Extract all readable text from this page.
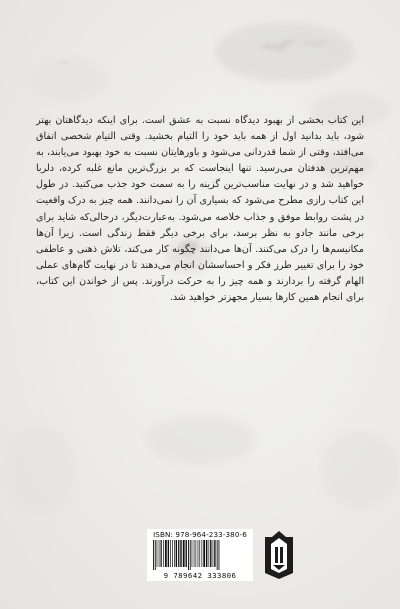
این کتاب بخشی از بهبود دیدگاه نسبت به عشق است. برای اینکه دیدگاهتان بهتر شود، باید بدانید اول از همه باید خود را التیام بخشید. وقتی التیام شخصی اتفاق می‌افتد، وقتی از شما قدردانی می‌شود و باورهایتان نسبت به خود بهبود می‌یابند، به مهم‌ترین هدفتان می‌رسید. تنها اینجاست که بر بزرگ‌ترین مانع غلبه کرده، دلربا خواهید شد و در نهایت مناسب‌ترین گزینه را به سمت خود جذب می‌کنید. در طول این کتاب رازی مطرح می‌شود که بسیاری آن را نمی‌دانند. همه چیز به درک واقعیت در پشت روابط موفق و جذاب خلاصه می‌شود. به‌عبارت‌دیگر، درحالی‌که شاید برای برخی مانند جادو به نظر برسد، برای برخی دیگر فقط زندگی است. زیرا آن‌ها مکانیسم‌ها را درک می‌کنند. آن‌ها می‌دانند چگونه کار می‌کند، تلاش ذهنی و عاطفی خود را برای تغییر طرز فکر و احساسشان انجام می‌دهند تا در نهایت گام‌های عملی الهام گرفته را بردارند و همه چیز را به حرکت درآورند. پس از خواندن این کتاب، برای انجام همین کارها بسیار مجهزتر خواهید شد.

ISBN: 978-964-233-380-6
9 789642 333806
